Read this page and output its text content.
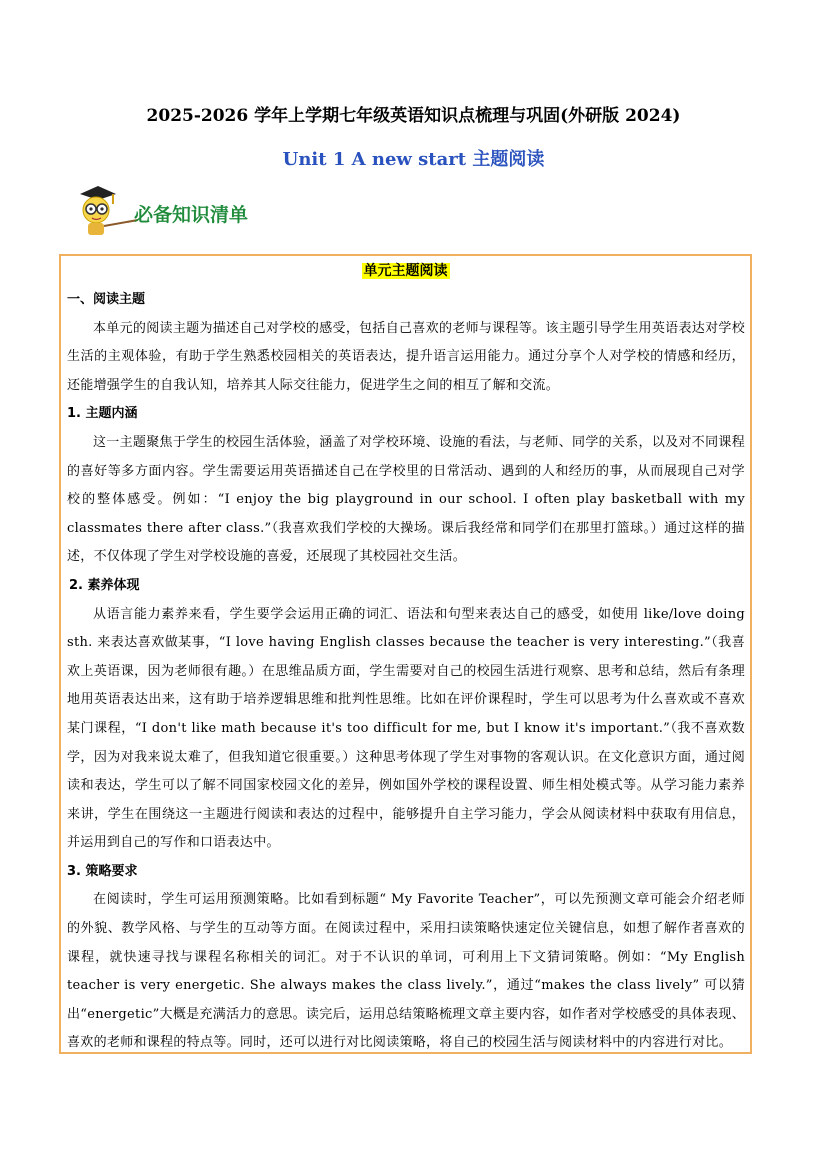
2025-2026 学年上学期七年级英语知识点梳理与巩固(外研版 2024)
Unit 1 A new start 主题阅读
必备知识清单
单元主题阅读

一、阅读主题

本单元的阅读主题为描述自己对学校的感受，包括自己喜欢的老师与课程等。该主题引导学生用英语表达对学校生活的主观体验，有助于学生熟悉校园相关的英语表达，提升语言运用能力。通过分享个人对学校的情感和经历，还能增强学生的自我认知，培养其人际交往能力，促进学生之间的相互了解和交流。

1. 主题内涵

这一主题聚焦于学生的校园生活体验，涵盖了对学校环境、设施的看法，与老师、同学的关系，以及对不同课程的喜好等多方面内容。学生需要运用英语描述自己在学校里的日常活动、遇到的人和经历的事，从而展现自己对学校的整体感受。例如：“I enjoy the big playground in our school. I often play basketball with my classmates there after class.”（我喜欢我们学校的大操场。课后我经常和同学们在那里打篮球。）通过这样的描述，不仅体现了学生对学校设施的喜爱，还展现了其校园社交生活。

2. 素养体现

从语言能力素养来看，学生要学会运用正确的词汇、语法和句型来表达自己的感受，如使用 like/love doing sth. 来表达喜欢做某事，“I love having English classes because the teacher is very interesting.”（我喜欢上英语课，因为老师很有趣。）在思维品质方面，学生需要对自己的校园生活进行观察、思考和总结，然后有条理地用英语表达出来，这有助于培养逻辑思维和批判性思维。比如在评价课程时，学生可以思考为什么喜欢或不喜欢某门课程，“I don't like math because it's too difficult for me, but I know it's important.”（我不喜欢数学，因为对我来说太难了，但我知道它很重要。）这种思考体现了学生对事物的客观认识。在文化意识方面，通过阅读和表达，学生可以了解不同国家校园文化的差异，例如国外学校的课程设置、师生相处模式等。从学习能力素养来讲，学生在围绕这一主题进行阅读和表达的过程中，能够提升自主学习能力，学会从阅读材料中获取有用信息，并运用到自己的写作和口语表达中。

3. 策略要求

在阅读时，学生可运用预测策略。比如看到标题“ My Favorite Teacher”，可以先预测文章可能会介绍老师的外貌、教学风格、与学生的互动等方面。在阅读过程中，采用扫读策略快速定位关键信息，如想了解作者喜欢的课程，就快速寻找与课程名称相关的词汇。对于不认识的单词，可利用上下文猜词策略。例如：“My English teacher is very energetic. She always makes the class lively.”，通过“makes the class lively” 可以猜出“energetic”大概是充满活力的意思。读完后，运用总结策略梳理文章主要内容，如作者对学校感受的具体表现、喜欢的老师和课程的特点等。同时，还可以进行对比阅读策略，将自己的校园生活与阅读材料中的内容进行对比。
